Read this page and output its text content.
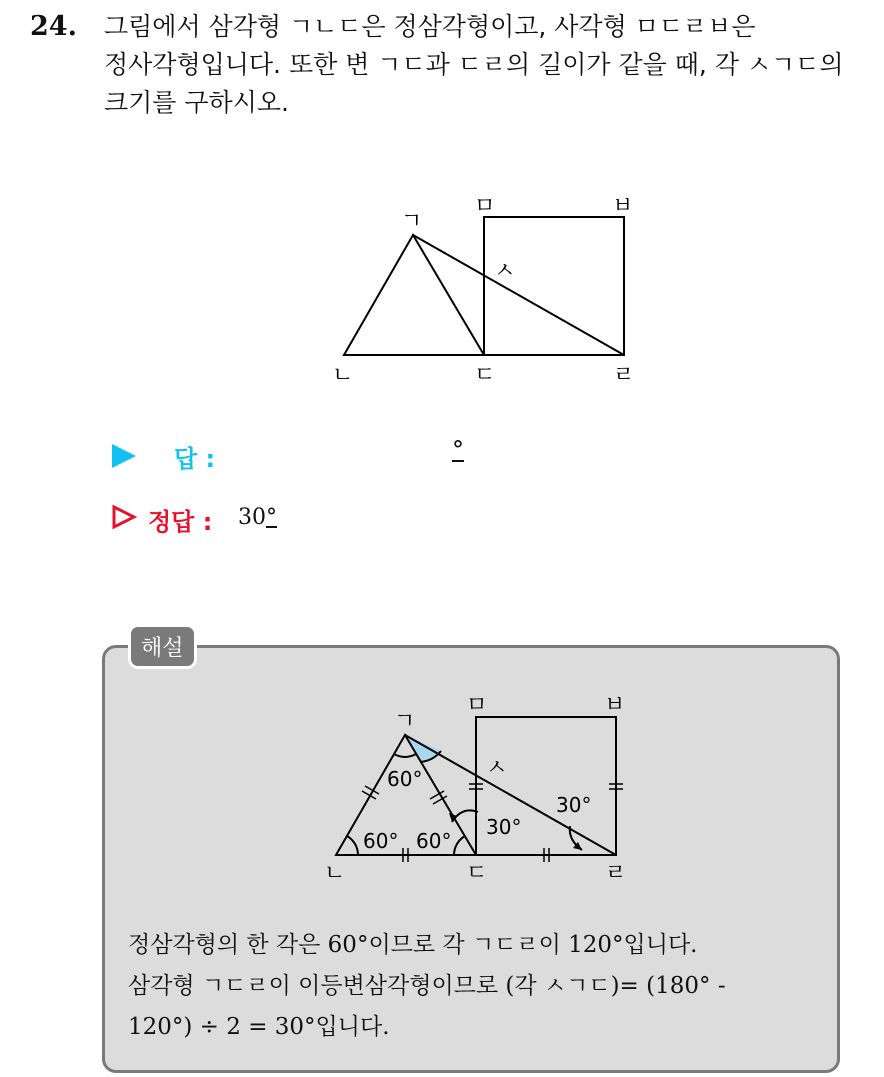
24. 그림에서 삼각형 ㄱㄴㄷ은 정삼각형이고, 사각형 ㅁㄷㄹㅂ은

정사각형입니다. 또한 변 ㄱㄷ과 ㄷㄹ의 길이가 같을 때, 각 ㅅㄱㄷ의

크기를 구하시오.

ㄱ
ㄴ	ㄷ	ㄹ
ㅁ	ㅂ
ㅅ
답 :	°
정답 : 30°
해설
60°
60° 60°
30°
30°
ㄱ
ㄴ	ㄷ	ㄹ
ㅁ	ㅂ
ㅅ

정삼각형의 한 각은 60°이므로 각 ㄱㄷㄹ이 120°입니다.

삼각형 ㄱㄷㄹ이 이등변삼각형이므로 (각 ㅅㄱㄷ)= (180° -

120°) ÷ 2 = 30°입니다.
